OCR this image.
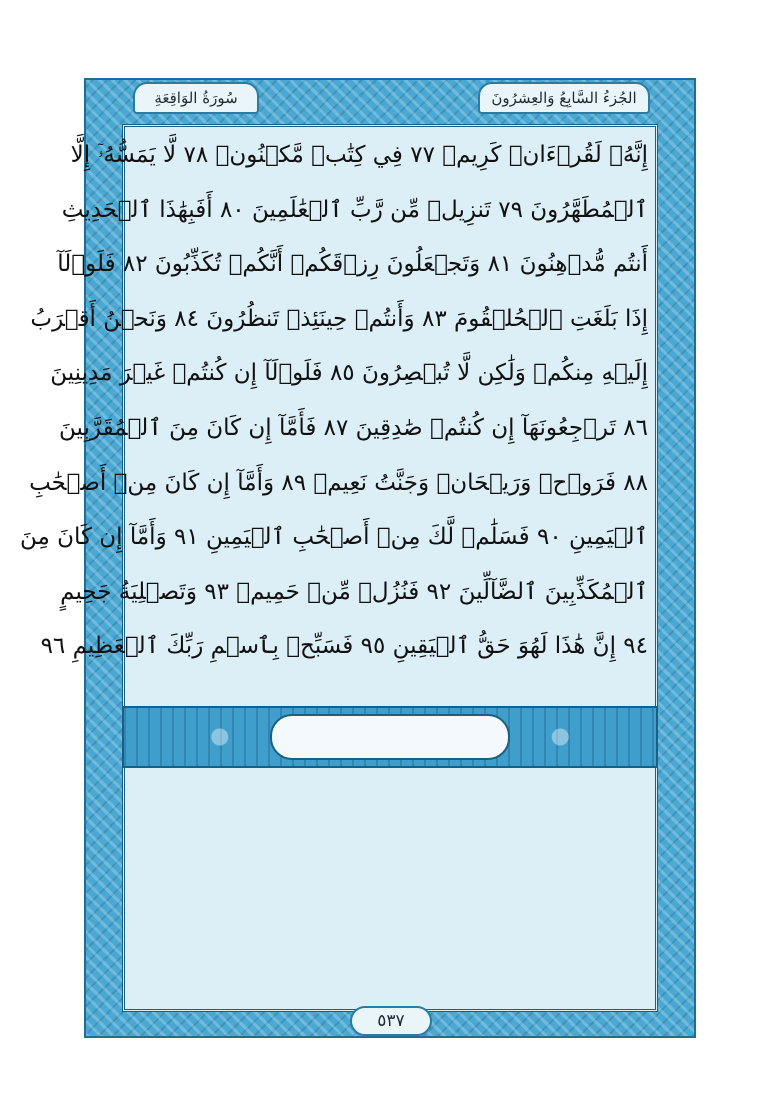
الجُزءُ السَّابِعُ وَالعِشرُونَ
سُورَةُ الوَاقِعَةِ
إِنَّهُۥ لَقُرۡءَانٞ كَرِيمٞ ٧٧ فِي كِتَٰبٖ مَّكۡنُونٖ ٧٨ لَّا يَمَسُّهُۥٓ إِلَّا
ٱلۡمُطَهَّرُونَ ٧٩ تَنزِيلٞ مِّن رَّبِّ ٱلۡعَٰلَمِينَ ٨٠ أَفَبِهَٰذَا ٱلۡحَدِيثِ
أَنتُم مُّدۡهِنُونَ ٨١ وَتَجۡعَلُونَ رِزۡقَكُمۡ أَنَّكُمۡ تُكَذِّبُونَ ٨٢ فَلَوۡلَآ
إِذَا بَلَغَتِ ٱلۡحُلۡقُومَ ٨٣ وَأَنتُمۡ حِينَئِذٖ تَنظُرُونَ ٨٤ وَنَحۡنُ أَقۡرَبُ
إِلَيۡهِ مِنكُمۡ وَلَٰكِن لَّا تُبۡصِرُونَ ٨٥ فَلَوۡلَآ إِن كُنتُمۡ غَيۡرَ مَدِينِينَ
٨٦ تَرۡجِعُونَهَآ إِن كُنتُمۡ صَٰدِقِينَ ٨٧ فَأَمَّآ إِن كَانَ مِنَ ٱلۡمُقَرَّبِينَ
٨٨ فَرَوۡحٞ وَرَيۡحَانٞ وَجَنَّتُ نَعِيمٖ ٨٩ وَأَمَّآ إِن كَانَ مِنۡ أَصۡحَٰبِ
ٱلۡيَمِينِ ٩٠ فَسَلَٰمٞ لَّكَ مِنۡ أَصۡحَٰبِ ٱلۡيَمِينِ ٩١ وَأَمَّآ إِن كَانَ مِنَ
ٱلۡمُكَذِّبِينَ ٱلضَّآلِّينَ ٩٢ فَنُزُلٞ مِّنۡ حَمِيمٖ ٩٣ وَتَصۡلِيَةُ جَحِيمٍ
٩٤ إِنَّ هَٰذَا لَهُوَ حَقُّ ٱلۡيَقِينِ ٩٥ فَسَبِّحۡ بِٱسۡمِ رَبِّكَ ٱلۡعَظِيمِ ٩٦
٥٣٧
